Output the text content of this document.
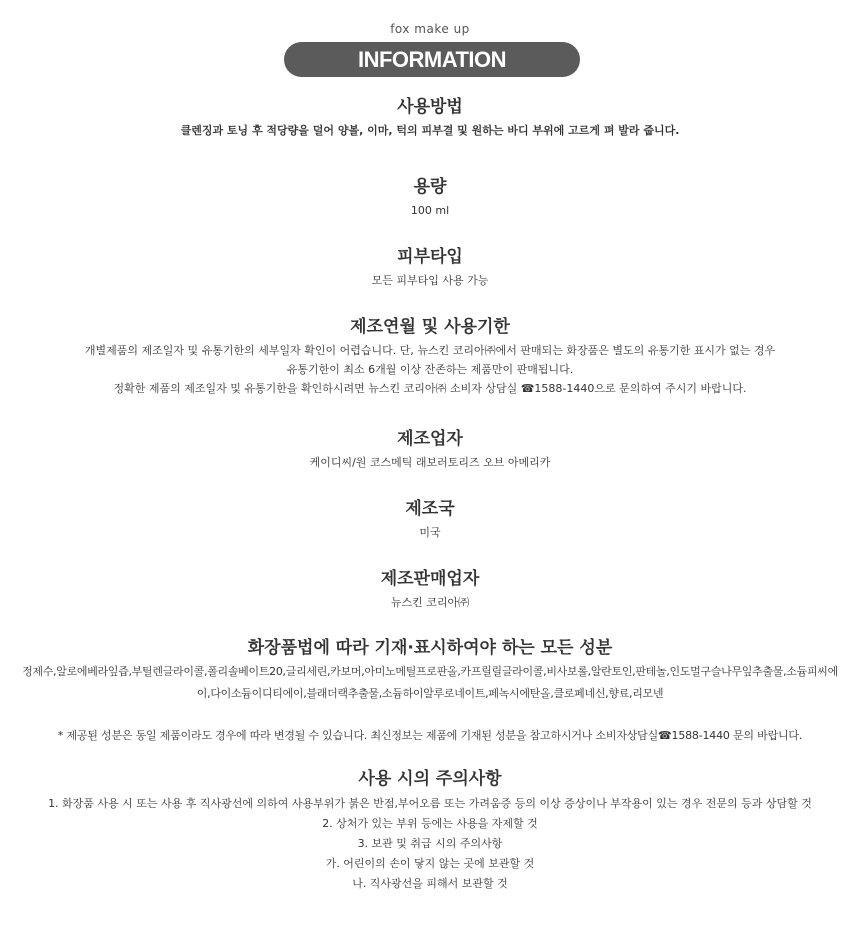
fox make up
INFORMATION
사용방법

클렌징과 토닝 후 적당량을 덜어 양볼, 이마, 턱의 피부결 및 원하는 바디 부위에 고르게 펴 발라 줍니다.

용량

100 ml

피부타입

모든 피부타입 사용 가능

제조연월 및 사용기한

개별제품의 제조일자 및 유통기한의 세부일자 확인이 어렵습니다. 단, 뉴스킨 코리아㈜에서 판매되는 화장품은 별도의 유통기한 표시가 없는 경우

유통기한이 최소 6개월 이상 잔존하는 제품만이 판매됩니다.

정확한 제품의 제조일자 및 유통기한을 확인하시려면 뉴스킨 코리아㈜ 소비자 상담실 ☎1588-1440으로 문의하여 주시기 바랍니다.

제조업자

케이디씨/원 코스메틱 래보러토리즈 오브 아메리카

제조국

미국

제조판매업자

뉴스킨 코리아㈜

화장품법에 따라 기재·표시하여야 하는 모든 성분

정제수,알로에베라잎즙,부틸렌글라이콜,폴리솔베이트20,글리세린,카보머,아미노메틸프로판올,카프릴릴글라이콜,비사보롤,알란토인,판테놀,인도멀구슬나무잎추출물,소듐피씨에이,다이소듐이디티에이,블래더랙추출물,소듐하이알루로네이트,페녹시에탄올,클로페네신,향료,리모넨

* 제공된 성분은 동일 제품이라도 경우에 따라 변경될 수 있습니다. 최신정보는 제품에 기재된 성분을 참고하시거나 소비자상담실☎1588-1440 문의 바랍니다.
사용 시의 주의사항

1. 화장품 사용 시 또는 사용 후 직사광선에 의하여 사용부위가 붉은 반점,부어오름 또는 가려움증 등의 이상 증상이나 부작용이 있는 경우 전문의 등과 상담할 것

2. 상처가 있는 부위 등에는 사용을 자제할 것

3. 보관 및 취급 시의 주의사항

가. 어린이의 손이 닿지 않는 곳에 보관할 것

나. 직사광선을 피해서 보관할 것
